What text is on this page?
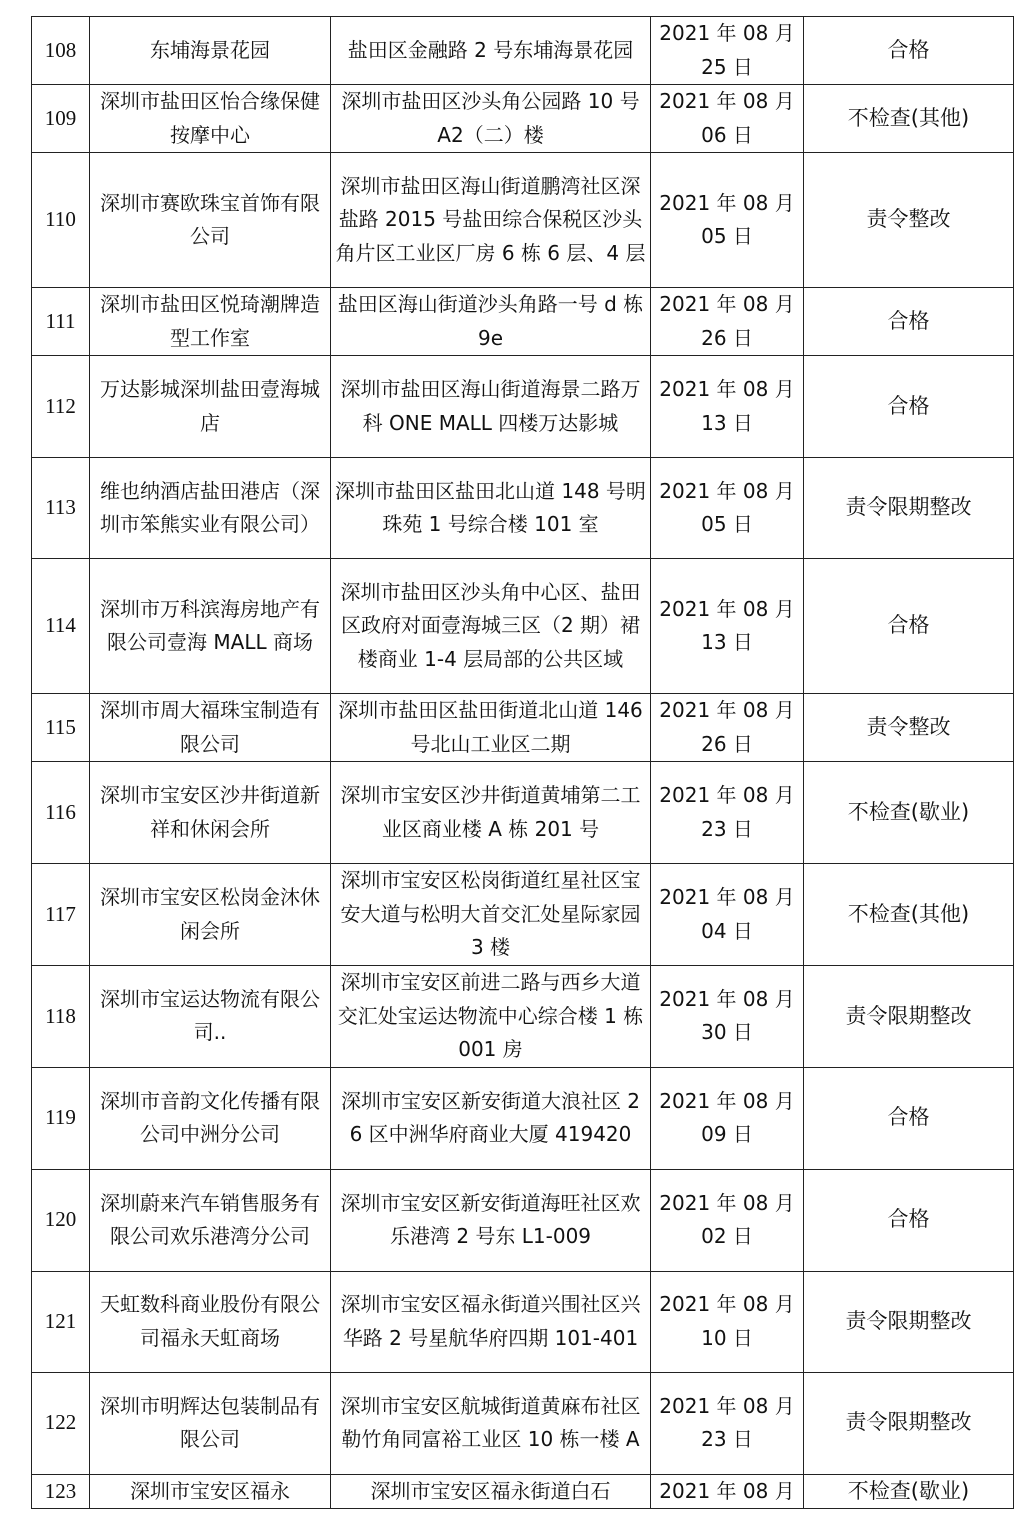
108	东埔海景花园	盐田区金融路 2 号东埔海景花园	2021 年 08 月 25 日	合格
109	深圳市盐田区怡合缘保健按摩中心	深圳市盐田区沙头角公园路 10 号 A2（二）楼	2021 年 08 月 06 日	不检查(其他)
110	深圳市赛欧珠宝首饰有限公司	深圳市盐田区海山街道鹏湾社区深盐路 2015 号盐田综合保税区沙头角片区工业区厂房 6 栋 6 层、4 层	2021 年 08 月 05 日	责令整改
111	深圳市盐田区悦琦潮牌造型工作室	盐田区海山街道沙头角路一号 d 栋 9e	2021 年 08 月 26 日	合格
112	万达影城深圳盐田壹海城店	深圳市盐田区海山街道海景二路万科 ONE MALL 四楼万达影城	2021 年 08 月 13 日	合格
113	维也纳酒店盐田港店（深圳市笨熊实业有限公司）	深圳市盐田区盐田北山道 148 号明珠苑 1 号综合楼 101 室	2021 年 08 月 05 日	责令限期整改
114	深圳市万科滨海房地产有限公司壹海 MALL 商场	深圳市盐田区沙头角中心区、盐田区政府对面壹海城三区（2 期）裙楼商业 1-4 层局部的公共区域	2021 年 08 月 13 日	合格
115	深圳市周大福珠宝制造有限公司	深圳市盐田区盐田街道北山道 146 号北山工业区二期	2021 年 08 月 26 日	责令整改
116	深圳市宝安区沙井街道新祥和休闲会所	深圳市宝安区沙井街道黄埔第二工业区商业楼 A 栋 201 号	2021 年 08 月 23 日	不检查(歇业)
117	深圳市宝安区松岗金沐休闲会所	深圳市宝安区松岗街道红星社区宝安大道与松明大首交汇处星际家园 3 楼	2021 年 08 月 04 日	不检查(其他)
118	深圳市宝运达物流有限公司..	深圳市宝安区前进二路与西乡大道交汇处宝运达物流中心综合楼 1 栋 001 房	2021 年 08 月 30 日	责令限期整改
119	深圳市音韵文化传播有限公司中洲分公司	深圳市宝安区新安街道大浪社区 26 区中洲华府商业大厦 419420	2021 年 08 月 09 日	合格
120	深圳蔚来汽车销售服务有限公司欢乐港湾分公司	深圳市宝安区新安街道海旺社区欢乐港湾 2 号东 L1-009	2021 年 08 月 02 日	合格
121	天虹数科商业股份有限公司福永天虹商场	深圳市宝安区福永街道兴围社区兴华路 2 号星航华府四期 101-401	2021 年 08 月 10 日	责令限期整改
122	深圳市明辉达包装制品有限公司	深圳市宝安区航城街道黄麻布社区勒竹角同富裕工业区 10 栋一楼 A	2021 年 08 月 23 日	责令限期整改
123	深圳市宝安区福永	深圳市宝安区福永街道白石	2021 年 08 月	不检查(歇业)
